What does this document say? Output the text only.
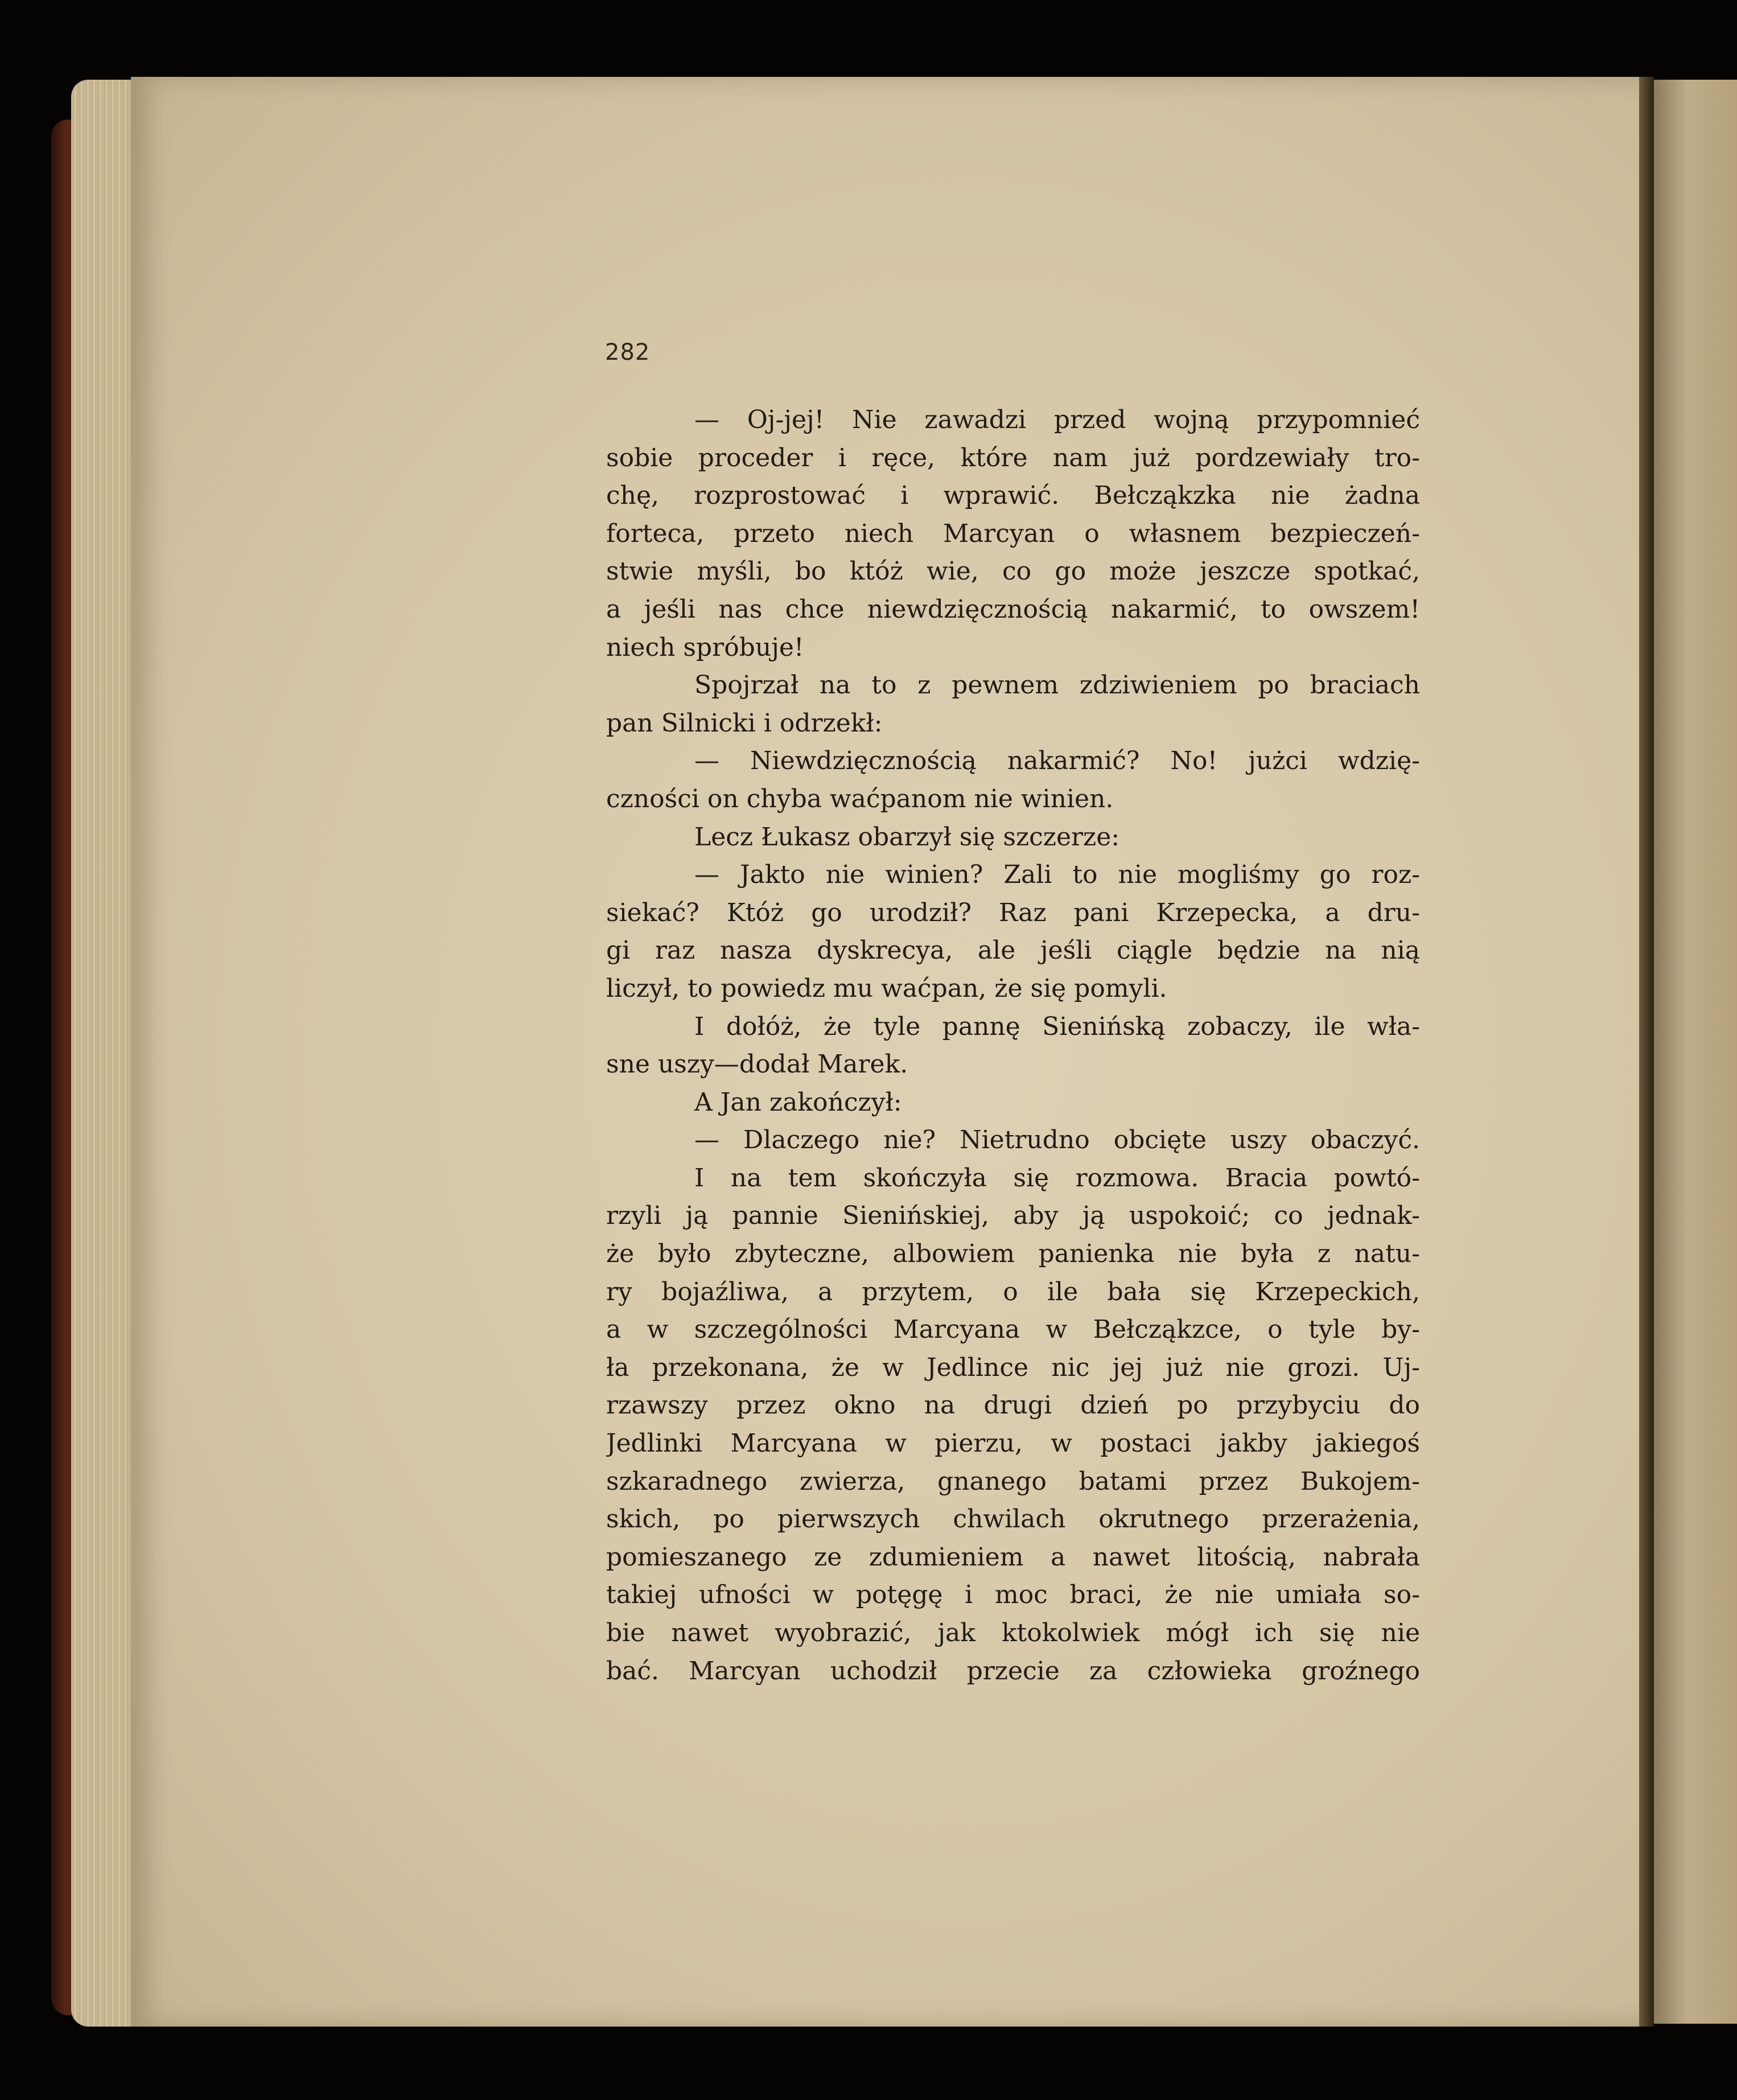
282
— Oj-jej! Nie zawadzi przed wojną przypomnieć
sobie proceder i ręce, które nam już pordzewiały tro-
chę, rozprostować i wprawić. Bełcząkzka nie żadna
forteca, przeto niech Marcyan o własnem bezpieczeń-
stwie myśli, bo któż wie, co go może jeszcze spotkać,
a jeśli nas chce niewdzięcznością nakarmić, to owszem!
niech spróbuje!
Spojrzał na to z pewnem zdziwieniem po braciach
pan Silnicki i odrzekł:
— Niewdzięcznością nakarmić? No! jużci wdzię-
czności on chyba waćpanom nie winien.
Lecz Łukasz obarzył się szczerze:
— Jakto nie winien? Zali to nie mogliśmy go roz-
siekać? Któż go urodził? Raz pani Krzepecka, a dru-
gi raz nasza dyskrecya, ale jeśli ciągle będzie na nią
liczył, to powiedz mu waćpan, że się pomyli.
I dołóż, że tyle pannę Sienińską zobaczy, ile wła-
sne uszy—dodał Marek.
A Jan zakończył:
— Dlaczego nie? Nietrudno obcięte uszy obaczyć.
I na tem skończyła się rozmowa. Bracia powtó-
rzyli ją pannie Sienińskiej, aby ją uspokoić; co jednak-
że było zbyteczne, albowiem panienka nie była z natu-
ry bojaźliwa, a przytem, o ile bała się Krzepeckich,
a w szczególności Marcyana w Bełcząkzce, o tyle by-
ła przekonana, że w Jedlince nic jej już nie grozi. Uj-
rzawszy przez okno na drugi dzień po przybyciu do
Jedlinki Marcyana w pierzu, w postaci jakby jakiegoś
szkaradnego zwierza, gnanego batami przez Bukojem-
skich, po pierwszych chwilach okrutnego przerażenia,
pomieszanego ze zdumieniem a nawet litością, nabrała
takiej ufności w potęgę i moc braci, że nie umiała so-
bie nawet wyobrazić, jak ktokolwiek mógł ich się nie
bać. Marcyan uchodził przecie za człowieka groźnego
